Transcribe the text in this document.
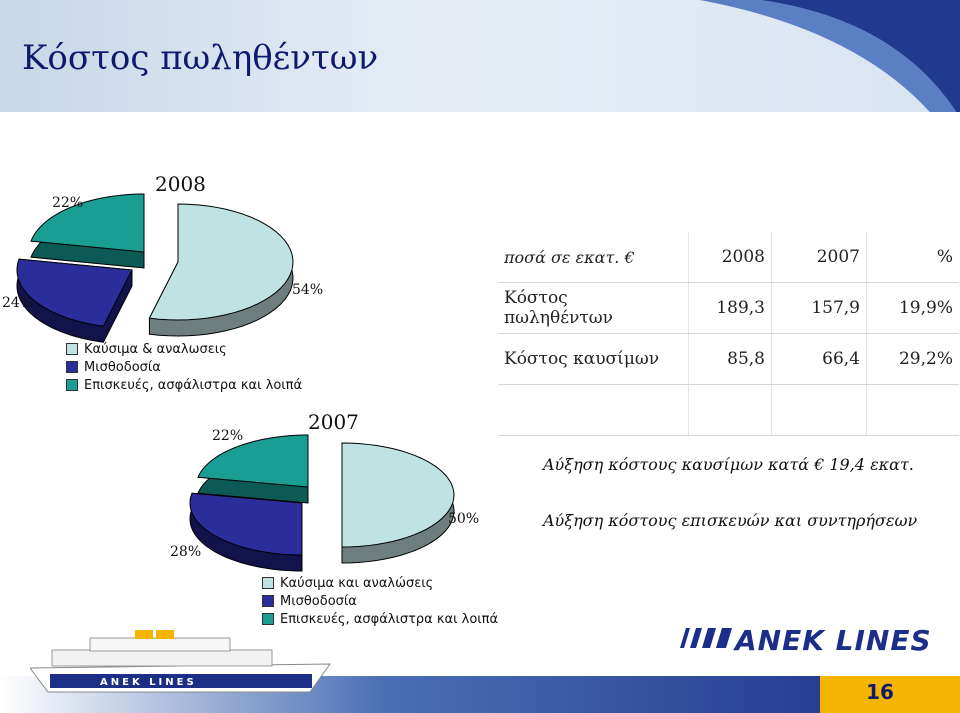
Κόστος πωληθέντων
2008
54%
24%
22%
Καύσιμα & αναλωσεις
Μισθοδοσία
Επισκευές, ασφάλιστρα και λοιπά
2007
50%
28%
22%
Καύσιμα και αναλώσεις
Μισθοδοσία
Επισκευές, ασφάλιστρα και λοιπά
ποσά σε εκατ. €	2008	2007	%
Κόστος πωληθέντων	189,3	157,9	19,9%
Κόστος καυσίμων	85,8	66,4	29,2%

Αύξηση κόστους καυσίμων κατά € 19,4 εκατ.
Αύξηση κόστους επισκευών και συντηρήσεων
ANEK LINES
16
ANEK LINES
